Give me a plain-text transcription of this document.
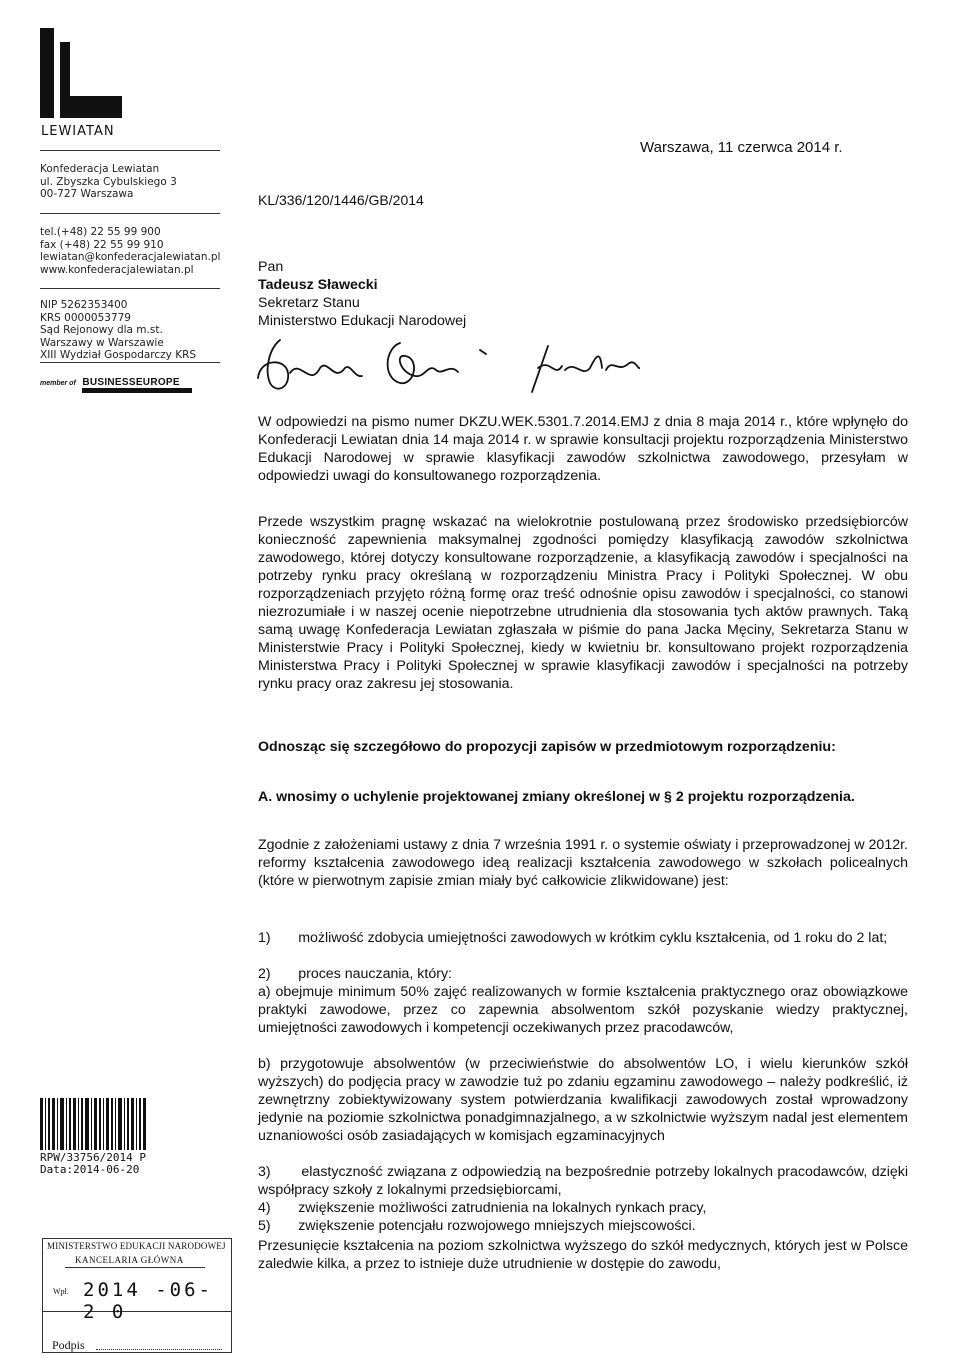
LEWIATAN
Konfederacja Lewiatan
ul. Zbyszka Cybulskiego 3
00-727 Warszawa
tel.(+48) 22 55 99 900
fax (+48) 22 55 99 910
lewiatan@konfederacjalewiatan.pl
www.konfederacjalewiatan.pl
NIP 5262353400
KRS 0000053779
Sąd Rejonowy dla m.st.
Warszawy w Warszawie
XIII Wydział Gospodarczy KRS
member of BUSINESSEUROPE
RPW/33756/2014 P
Data:2014-06-20
MINISTERSTWO EDUKACJI NARODOWEJ
KANCELARIA GŁÓWNA
Wpł. 2014 -06- 2 0
Podpis
Warszawa, 11 czerwca 2014 r.
KL/336/120/1446/GB/2014
Pan
Tadeusz Sławecki
Sekretarz Stanu
Ministerstwo Edukacji Narodowej
W odpowiedzi na pismo numer DKZU.WEK.5301.7.2014.EMJ z dnia 8 maja 2014 r., które wpłynęło do Konfederacji Lewiatan dnia 14 maja 2014 r. w sprawie konsultacji projektu rozporządzenia Ministerstwo Edukacji Narodowej w sprawie klasyfikacji zawodów szkolnictwa zawodowego, przesyłam w odpowiedzi uwagi do konsultowanego rozporządzenia.
Przede wszystkim pragnę wskazać na wielokrotnie postulowaną przez środowisko przedsiębiorców konieczność zapewnienia maksymalnej zgodności pomiędzy klasyfikacją zawodów szkolnictwa zawodowego, której dotyczy konsultowane rozporządzenie, a klasyfikacją zawodów i specjalności na potrzeby rynku pracy określaną w rozporządzeniu Ministra Pracy i Polityki Społecznej. W obu rozporządzeniach przyjęto różną formę oraz treść odnośnie opisu zawodów i specjalności, co stanowi niezrozumiałe i w naszej ocenie niepotrzebne utrudnienia dla stosowania tych aktów prawnych. Taką samą uwagę Konfederacja Lewiatan zgłaszała w piśmie do pana Jacka Męciny, Sekretarza Stanu w Ministerstwie Pracy i Polityki Społecznej, kiedy w kwietniu br. konsultowano projekt rozporządzenia Ministerstwa Pracy i Polityki Społecznej w sprawie klasyfikacji zawodów i specjalności na potrzeby rynku pracy oraz zakresu jej stosowania.
Odnosząc się szczegółowo do propozycji zapisów w przedmiotowym rozporządzeniu:
A. wnosimy o uchylenie projektowanej zmiany określonej w § 2 projektu rozporządzenia.
Zgodnie z założeniami ustawy z dnia 7 września 1991 r. o systemie oświaty i przeprowadzonej w 2012r. reformy kształcenia zawodowego ideą realizacji kształcenia zawodowego w szkołach policealnych (które w pierwotnym zapisie zmian miały być całkowicie zlikwidowane) jest:
1)       możliwość zdobycia umiejętności zawodowych w krótkim cyklu kształcenia, od 1 roku do 2 lat;
2)       proces nauczania, który:
a) obejmuje minimum 50% zajęć realizowanych w formie kształcenia praktycznego oraz obowiązkowe praktyki zawodowe, przez co zapewnia absolwentom szkół pozyskanie wiedzy praktycznej, umiejętności zawodowych i kompetencji oczekiwanych przez pracodawców,
b) przygotowuje absolwentów (w przeciwieństwie do absolwentów LO, i wielu kierunków szkół wyższych) do podjęcia pracy w zawodzie tuż po zdaniu egzaminu zawodowego – należy podkreślić, iż zewnętrzny zobiektywizowany system potwierdzania kwalifikacji zawodowych został wprowadzony jedynie na poziomie szkolnictwa ponadgimnazjalnego, a w szkolnictwie wyższym nadal jest elementem uznaniowości osób zasiadających w komisjach egzaminacyjnych
3)       elastyczność związana z odpowiedzią na bezpośrednie potrzeby lokalnych pracodawców, dzięki współpracy szkoły z lokalnymi przedsiębiorcami,
4)       zwiększenie możliwości zatrudnienia na lokalnych rynkach pracy,
5)       zwiększenie potencjału rozwojowego mniejszych miejscowości.
Przesunięcie kształcenia na poziom szkolnictwa wyższego do szkół medycznych, których jest w Polsce zaledwie kilka, a przez to istnieje duże utrudnienie w dostępie do zawodu,
